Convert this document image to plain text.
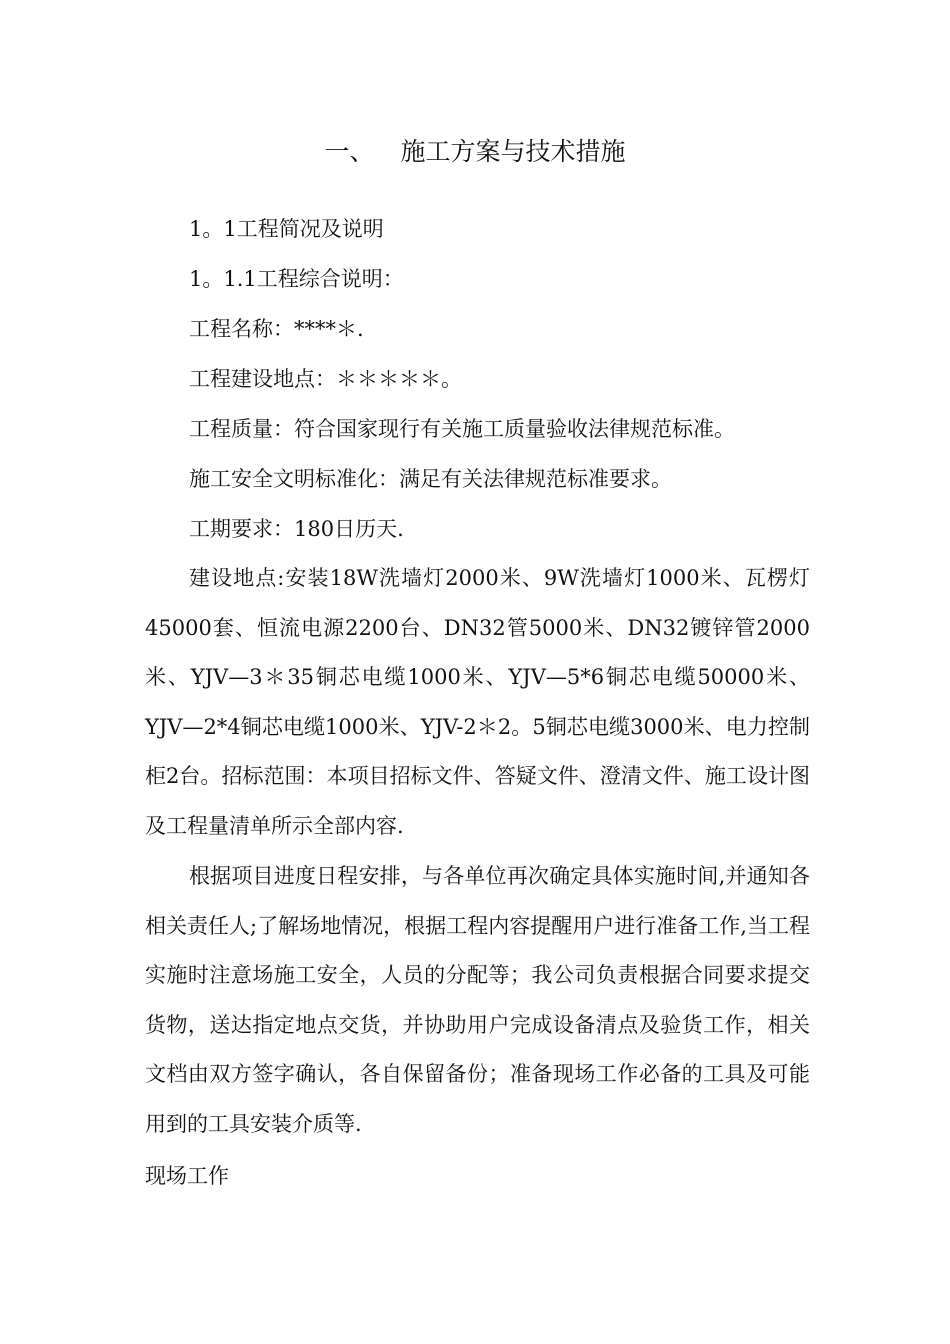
一、 施工方案与技术措施
1。1工程简况及说明
1。1.1工程综合说明：
工程名称：****＊.
工程建设地点：＊＊＊＊＊。
工程质量：符合国家现行有关施工质量验收法律规范标准。
施工安全文明标准化：满足有关法律规范标准要求。
工期要求：180日历天.

建设地点:安装18W洗墙灯2000米、9W洗墙灯1000米、瓦楞灯45000套、恒流电源2200台、DN32管5000米、DN32镀锌管2000米、YJV—3＊35铜芯电缆1000米、YJV—5*6铜芯电缆50000米、YJV—2*4铜芯电缆1000米、YJV-2＊2。5铜芯电缆3000米、电力控制柜2台。招标范围：本项目招标文件、答疑文件、澄清文件、施工设计图及工程量清单所示全部内容.

根据项目进度日程安排，与各单位再次确定具体实施时间,并通知各相关责任人;了解场地情况，根据工程内容提醒用户进行准备工作,当工程实施时注意场施工安全，人员的分配等；我公司负责根据合同要求提交货物，送达指定地点交货，并协助用户完成设备清点及验货工作，相关文档由双方签字确认，各自保留备份；准备现场工作必备的工具及可能用到的工具安装介质等.

现场工作
